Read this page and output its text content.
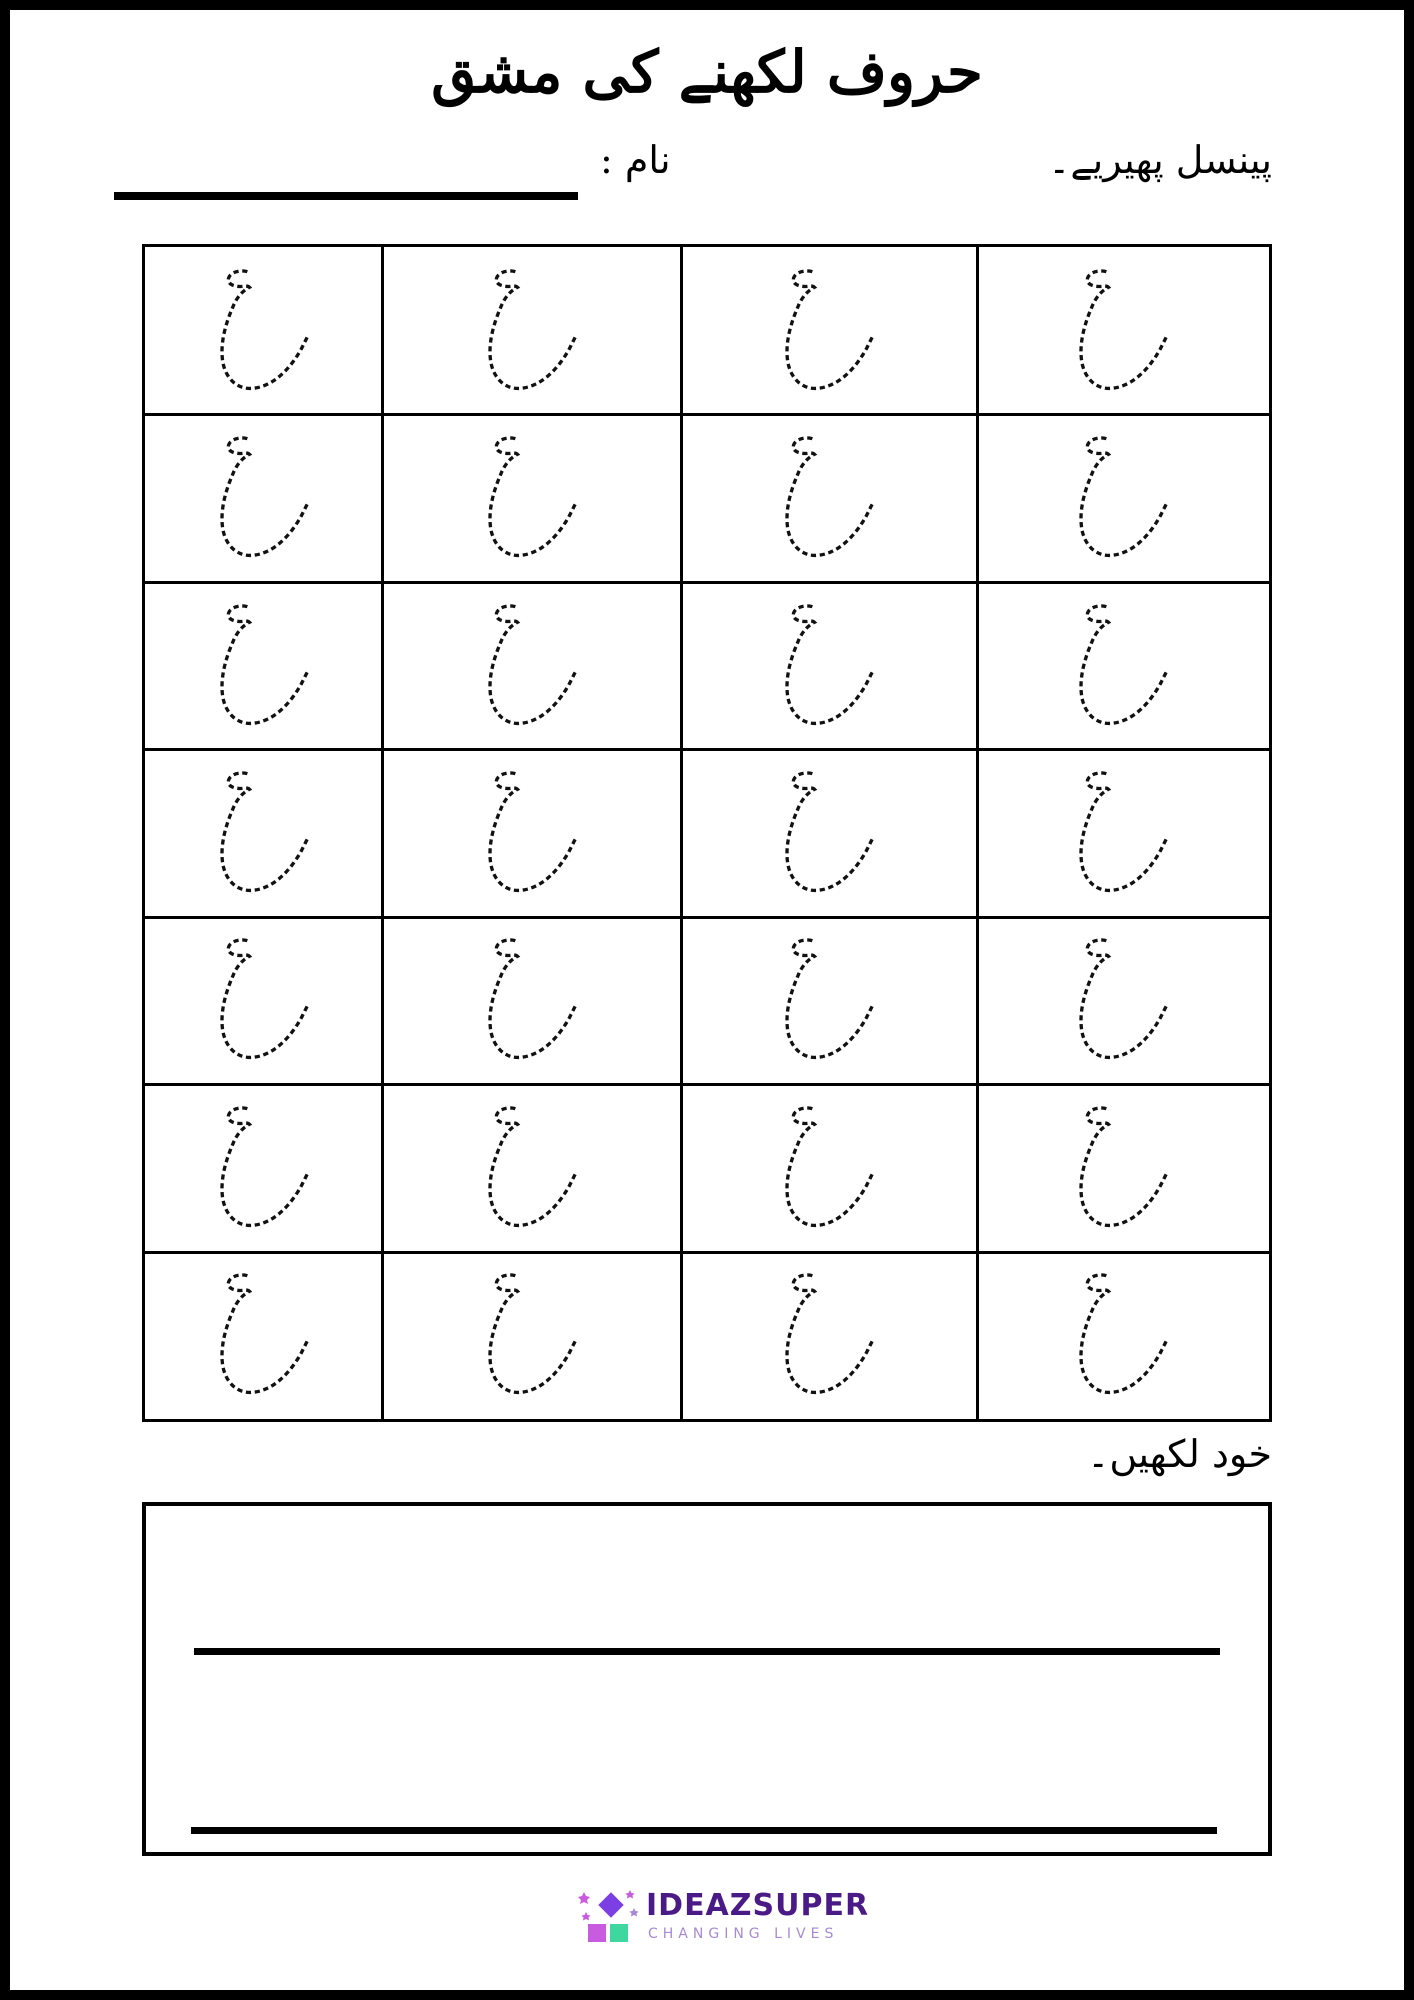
حروف لکھنے کی مشق
پینسل پھیریے۔
نام :
خود لکھیں۔
IDEAZSUPER
CHANGING LIVES
